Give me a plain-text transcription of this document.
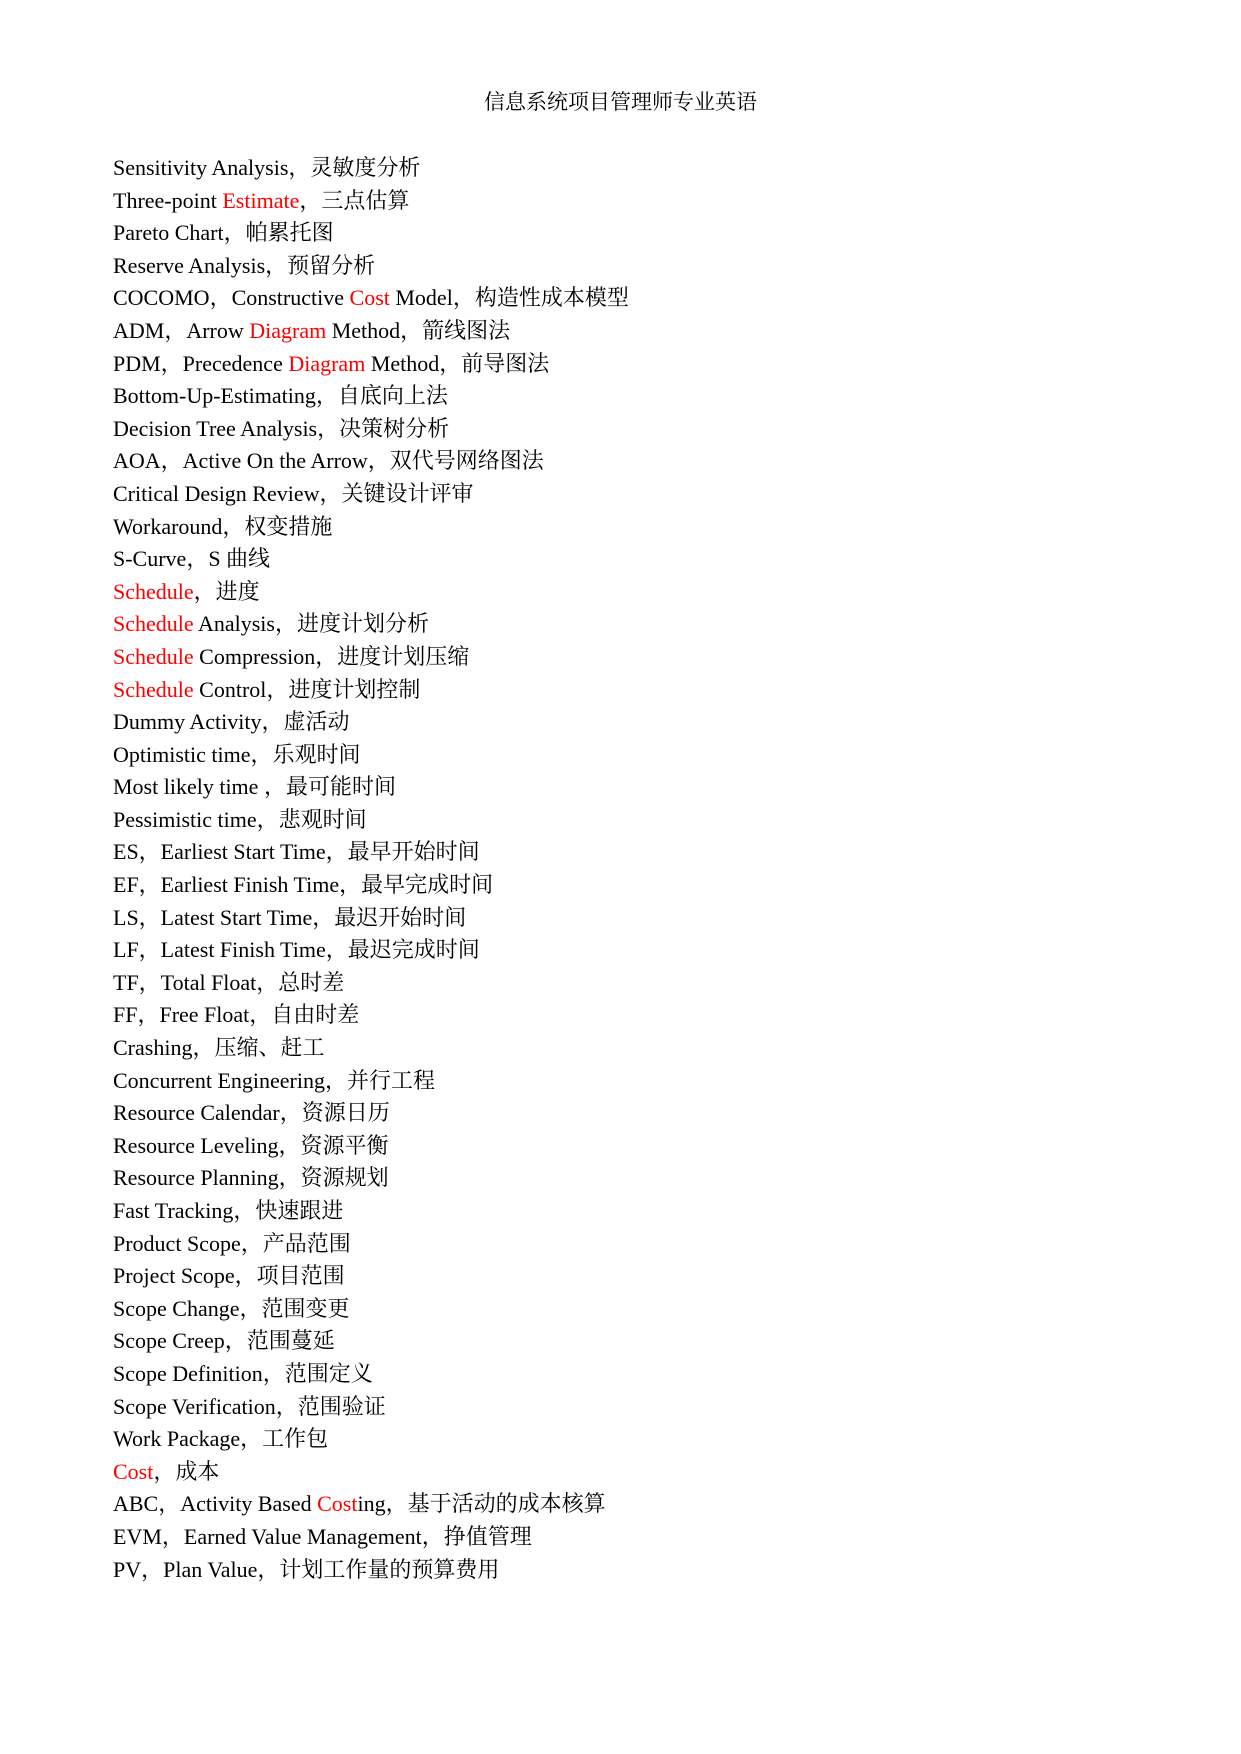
信息系统项目管理师专业英语
Sensitivity Analysis，灵敏度分析
Three-point Estimate，三点估算
Pareto Chart，帕累托图
Reserve Analysis，预留分析
COCOMO，Constructive Cost Model，构造性成本模型
ADM，Arrow Diagram Method，箭线图法
PDM，Precedence Diagram Method，前导图法
Bottom-Up-Estimating，自底向上法
Decision Tree Analysis，决策树分析
AOA，Active On the Arrow，双代号网络图法
Critical Design Review，关键设计评审
Workaround，权变措施
S-Curve，S 曲线
Schedule，进度
Schedule Analysis，进度计划分析
Schedule Compression，进度计划压缩
Schedule Control，进度计划控制
Dummy Activity，虚活动
Optimistic time，乐观时间
Most likely time ，最可能时间
Pessimistic time，悲观时间
ES，Earliest Start Time，最早开始时间
EF，Earliest Finish Time，最早完成时间
LS，Latest Start Time，最迟开始时间
LF，Latest Finish Time，最迟完成时间
TF，Total Float，总时差
FF，Free Float，自由时差
Crashing，压缩、赶工
Concurrent Engineering，并行工程
Resource Calendar，资源日历
Resource Leveling，资源平衡
Resource Planning，资源规划
Fast Tracking，快速跟进
Product Scope，产品范围
Project Scope，项目范围
Scope Change，范围变更
Scope Creep，范围蔓延
Scope Definition，范围定义
Scope Verification，范围验证
Work Package，工作包
Cost，成本
ABC，Activity Based Costing，基于活动的成本核算
EVM，Earned Value Management，挣值管理
PV，Plan Value，计划工作量的预算费用
